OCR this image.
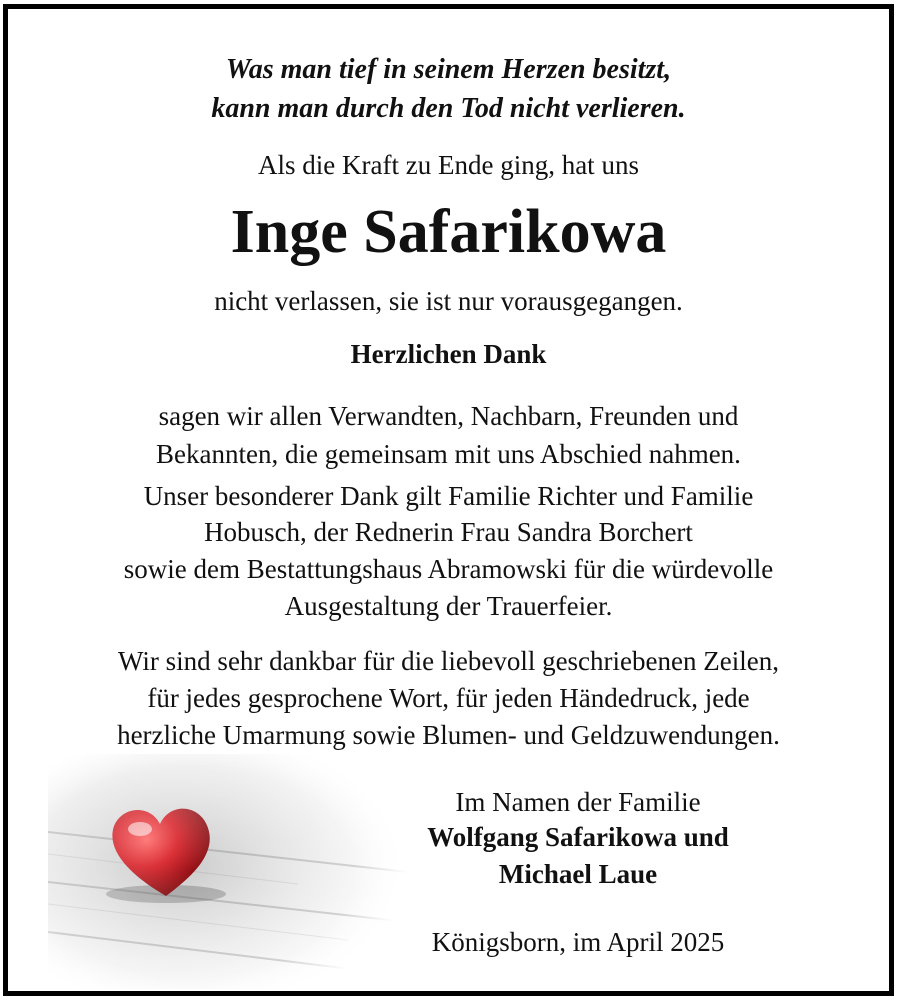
Was man tief in seinem Herzen besitzt,
kann man durch den Tod nicht verlieren.
Als die Kraft zu Ende ging, hat uns
Inge Safarikowa
nicht verlassen, sie ist nur vorausgegangen.
Herzlichen Dank
sagen wir allen Verwandten, Nachbarn, Freunden und
Bekannten, die gemeinsam mit uns Abschied nahmen.
Unser besonderer Dank gilt Familie Richter und Familie
Hobusch, der Rednerin Frau Sandra Borchert
sowie dem Bestattungshaus Abramowski für die würdevolle
Ausgestaltung der Trauerfeier.
Wir sind sehr dankbar für die liebevoll geschriebenen Zeilen,
für jedes gesprochene Wort, für jeden Händedruck, jede
herzliche Umarmung sowie Blumen- und Geldzuwendungen.
Im Namen der Familie
Wolfgang Safarikowa und
Michael Laue
Königsborn, im April 2025
